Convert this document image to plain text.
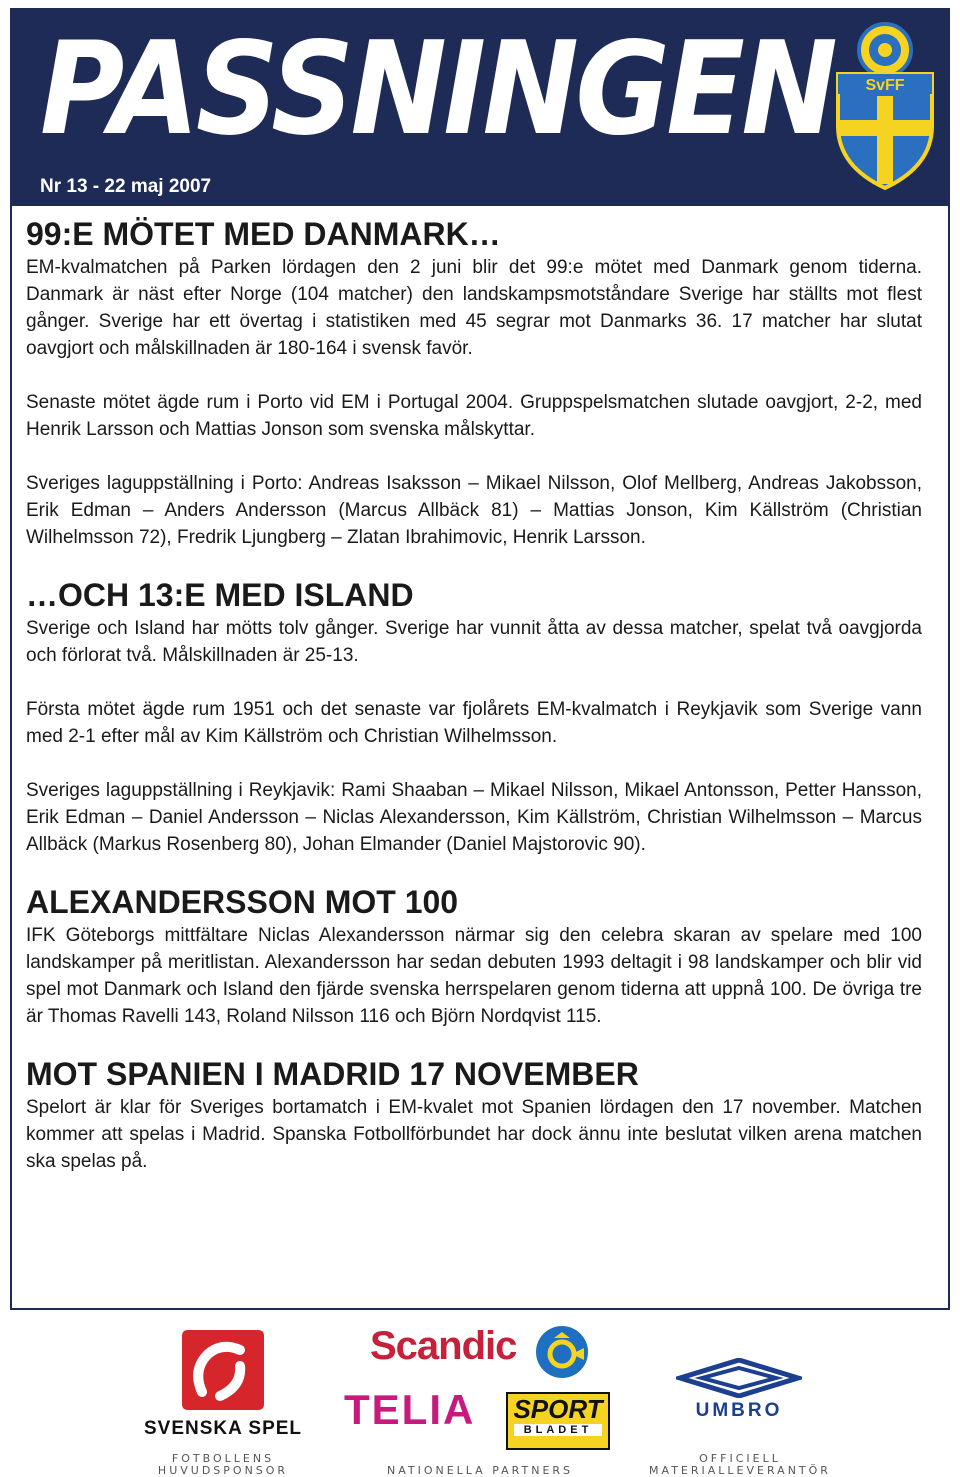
PASSNINGEN
Nr 13 - 22 maj 2007
SvFF
99:E MÖTET MED DANMARK…

EM-kvalmatchen på Parken lördagen den 2 juni blir det 99:e mötet med Danmark genom tiderna. Danmark är näst efter Norge (104 matcher) den landskampsmotståndare Sverige har ställts mot flest gånger. Sverige har ett övertag i statistiken med 45 segrar mot Danmarks 36. 17 matcher har slutat oavgjort och målskillnaden är 180-164 i svensk favör.

Senaste mötet ägde rum i Porto vid EM i Portugal 2004. Gruppspelsmatchen slutade oavgjort, 2-2, med Henrik Larsson och Mattias Jonson som svenska målskyttar.

Sveriges laguppställning i Porto: Andreas Isaksson – Mikael Nilsson, Olof Mellberg, Andreas Jakobsson, Erik Edman – Anders Andersson (Marcus Allbäck 81) – Mattias Jonson, Kim Källström (Christian Wilhelmsson 72), Fredrik Ljungberg – Zlatan Ibrahimovic, Henrik Larsson.

…OCH 13:E MED ISLAND

Sverige och Island har mötts tolv gånger. Sverige har vunnit åtta av dessa matcher, spelat två oavgjorda och förlorat två. Målskillnaden är 25-13.

Första mötet ägde rum 1951 och det senaste var fjolårets EM-kvalmatch i Reykjavik som Sverige vann med 2-1 efter mål av Kim Källström och Christian Wilhelmsson.

Sveriges laguppställning i Reykjavik: Rami Shaaban – Mikael Nilsson, Mikael Antonsson, Petter Hansson, Erik Edman – Daniel Andersson – Niclas Alexandersson, Kim Källström, Christian Wilhelmsson – Marcus Allbäck (Markus Rosenberg 80), Johan Elmander (Daniel Majstorovic 90).

ALEXANDERSSON MOT 100

IFK Göteborgs mittfältare Niclas Alexandersson närmar sig den celebra skaran av spelare med 100 landskamper på meritlistan. Alexandersson har sedan debuten 1993 deltagit i 98 landskamper och blir vid spel mot Danmark och Island den fjärde svenska herrspelaren genom tiderna att uppnå 100. De övriga tre är Thomas Ravelli 143, Roland Nilsson 116 och Björn Nordqvist 115.

MOT SPANIEN I MADRID 17 NOVEMBER

Spelort är klar för Sveriges bortamatch i EM-kvalet mot Spanien lördagen den 17 november. Matchen kommer att spelas i Madrid. Spanska Fotbollförbundet har dock ännu inte beslutat vilken arena matchen ska spelas på.

SVENSKA SPEL
FOTBOLLENS
HUVUDSPONSOR
Scandic
TELIA SPORT
BLADET
NATIONELLA PARTNERS
UMBRO
OFFICIELL
MATERIALLEVERANTÖR
